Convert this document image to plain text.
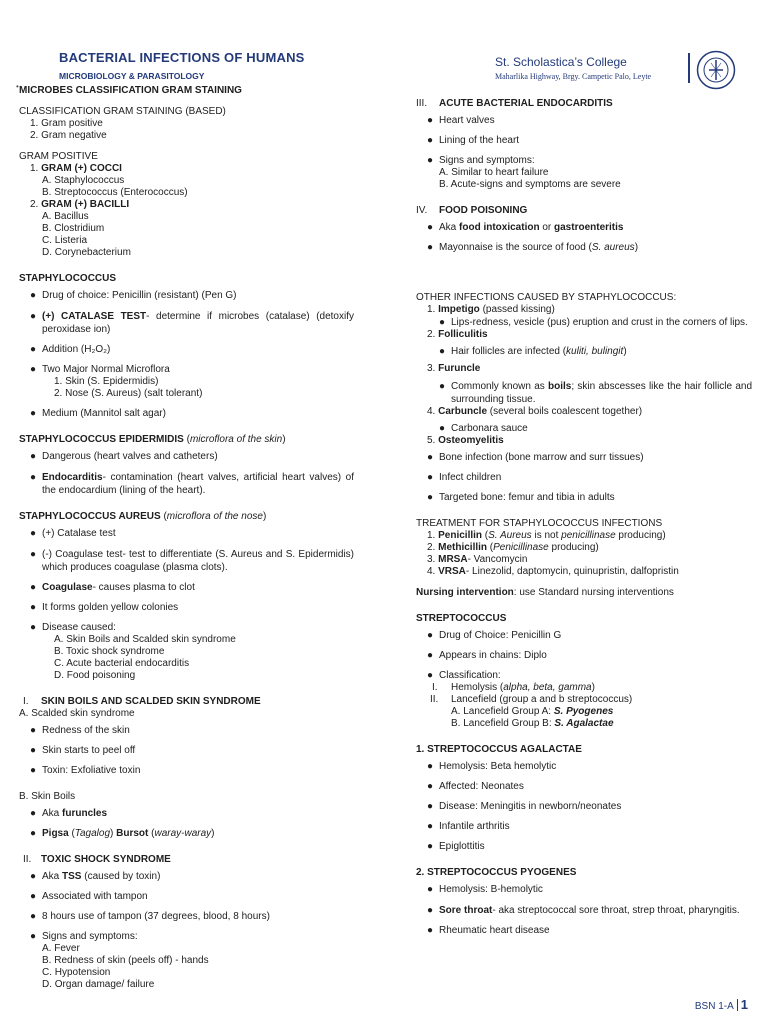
BACTERIAL INFECTIONS OF HUMANS
MICROBIOLOGY & PARASITOLOGY
•
St. Scholastica’s College
Maharlika Highway, Brgy. Campetic Palo, Leyte
MICROBES CLASSIFICATION GRAM STAINING
CLASSIFICATION GRAM STAINING (BASED)
1. Gram positive
2. Gram negative
GRAM POSITIVE
1. GRAM (+) COCCI
A. Staphylococcus
B. Streptococcus (Enterococcus)
2. GRAM (+) BACILLI
A. Bacillus
B. Clostridium
C. Listeria
D. Corynebacterium
STAPHYLOCOCCUS
● Drug of choice: Penicillin (resistant) (Pen G)
● (+) CATALASE TEST- determine if microbes (catalase) (detoxify peroxidase ion)
● Addition (H₂O₂)
● Two Major Normal Microflora
1. Skin (S. Epidermidis)
2. Nose (S. Aureus) (salt tolerant)
● Medium (Mannitol salt agar)
STAPHYLOCOCCUS EPIDERMIDIS (microflora of the skin)
● Dangerous (heart valves and catheters)
● Endocarditis- contamination (heart valves, artificial heart valves) of the endocardium (lining of the heart).
STAPHYLOCOCCUS AUREUS (microflora of the nose)
● (+) Catalase test
● (-) Coagulase test- test to differentiate (S. Aureus and S. Epidermidis) which produces coagulase (plasma clots).
● Coagulase- causes plasma to clot
● It forms golden yellow colonies
● Disease caused:
A. Skin Boils and Scalded skin syndrome
B. Toxic shock syndrome
C. Acute bacterial endocarditis
D. Food poisoning
I. SKIN BOILS AND SCALDED SKIN SYNDROME
A. Scalded skin syndrome
● Redness of the skin
● Skin starts to peel off
● Toxin: Exfoliative toxin
B. Skin Boils
● Aka furuncles
● Pigsa (Tagalog) Bursot (waray-waray)
II. TOXIC SHOCK SYNDROME
● Aka TSS (caused by toxin)
● Associated with tampon
● 8 hours use of tampon (37 degrees, blood, 8 hours)
● Signs and symptoms:
A. Fever
B. Redness of skin (peels off) - hands
C. Hypotension
D. Organ damage/ failure
III. ACUTE BACTERIAL ENDOCARDITIS
● Heart valves
● Lining of the heart
● Signs and symptoms:
A. Similar to heart failure
B. Acute-signs and symptoms are severe
IV. FOOD POISONING
● Aka food intoxication or gastroenteritis
● Mayonnaise is the source of food (S. aureus)
OTHER INFECTIONS CAUSED BY STAPHYLOCOCCUS:
1. Impetigo (passed kissing)
● Lips-redness, vesicle (pus) eruption and crust in the corners of lips.
2. Folliculitis
● Hair follicles are infected (kuliti, bulingit)
3. Furuncle
● Commonly known as boils; skin abscesses like the hair follicle and surrounding tissue.
4. Carbuncle (several boils coalescent together)
● Carbonara sauce
5. Osteomyelitis
● Bone infection (bone marrow and surr tissues)
● Infect children
● Targeted bone: femur and tibia in adults
TREATMENT FOR STAPHYLOCOCCUS INFECTIONS
1. Penicillin (S. Aureus is not penicillinase producing)
2. Methicillin (Penicillinase producing)
3. MRSA- Vancomycin
4. VRSA- Linezolid, daptomycin, quinupristin, dalfopristin
Nursing intervention: use Standard nursing interventions
STREPTOCOCCUS
● Drug of Choice: Penicillin G
● Appears in chains: Diplo
● Classification:
I. Hemolysis (alpha, beta, gamma)
II. Lancefield (group a and b streptococcus)
A. Lancefield Group A: S. Pyogenes
B. Lancefield Group B: S. Agalactae
1. STREPTOCOCCUS AGALACTAE
● Hemolysis: Beta hemolytic
● Affected: Neonates
● Disease: Meningitis in newborn/neonates
● Infantile arthritis
● Epiglottitis
2. STREPTOCOCCUS PYOGENES
● Hemolysis: B-hemolytic
● Sore throat- aka streptococcal sore throat, strep throat, pharyngitis.
● Rheumatic heart disease
BSN 1-A 1
